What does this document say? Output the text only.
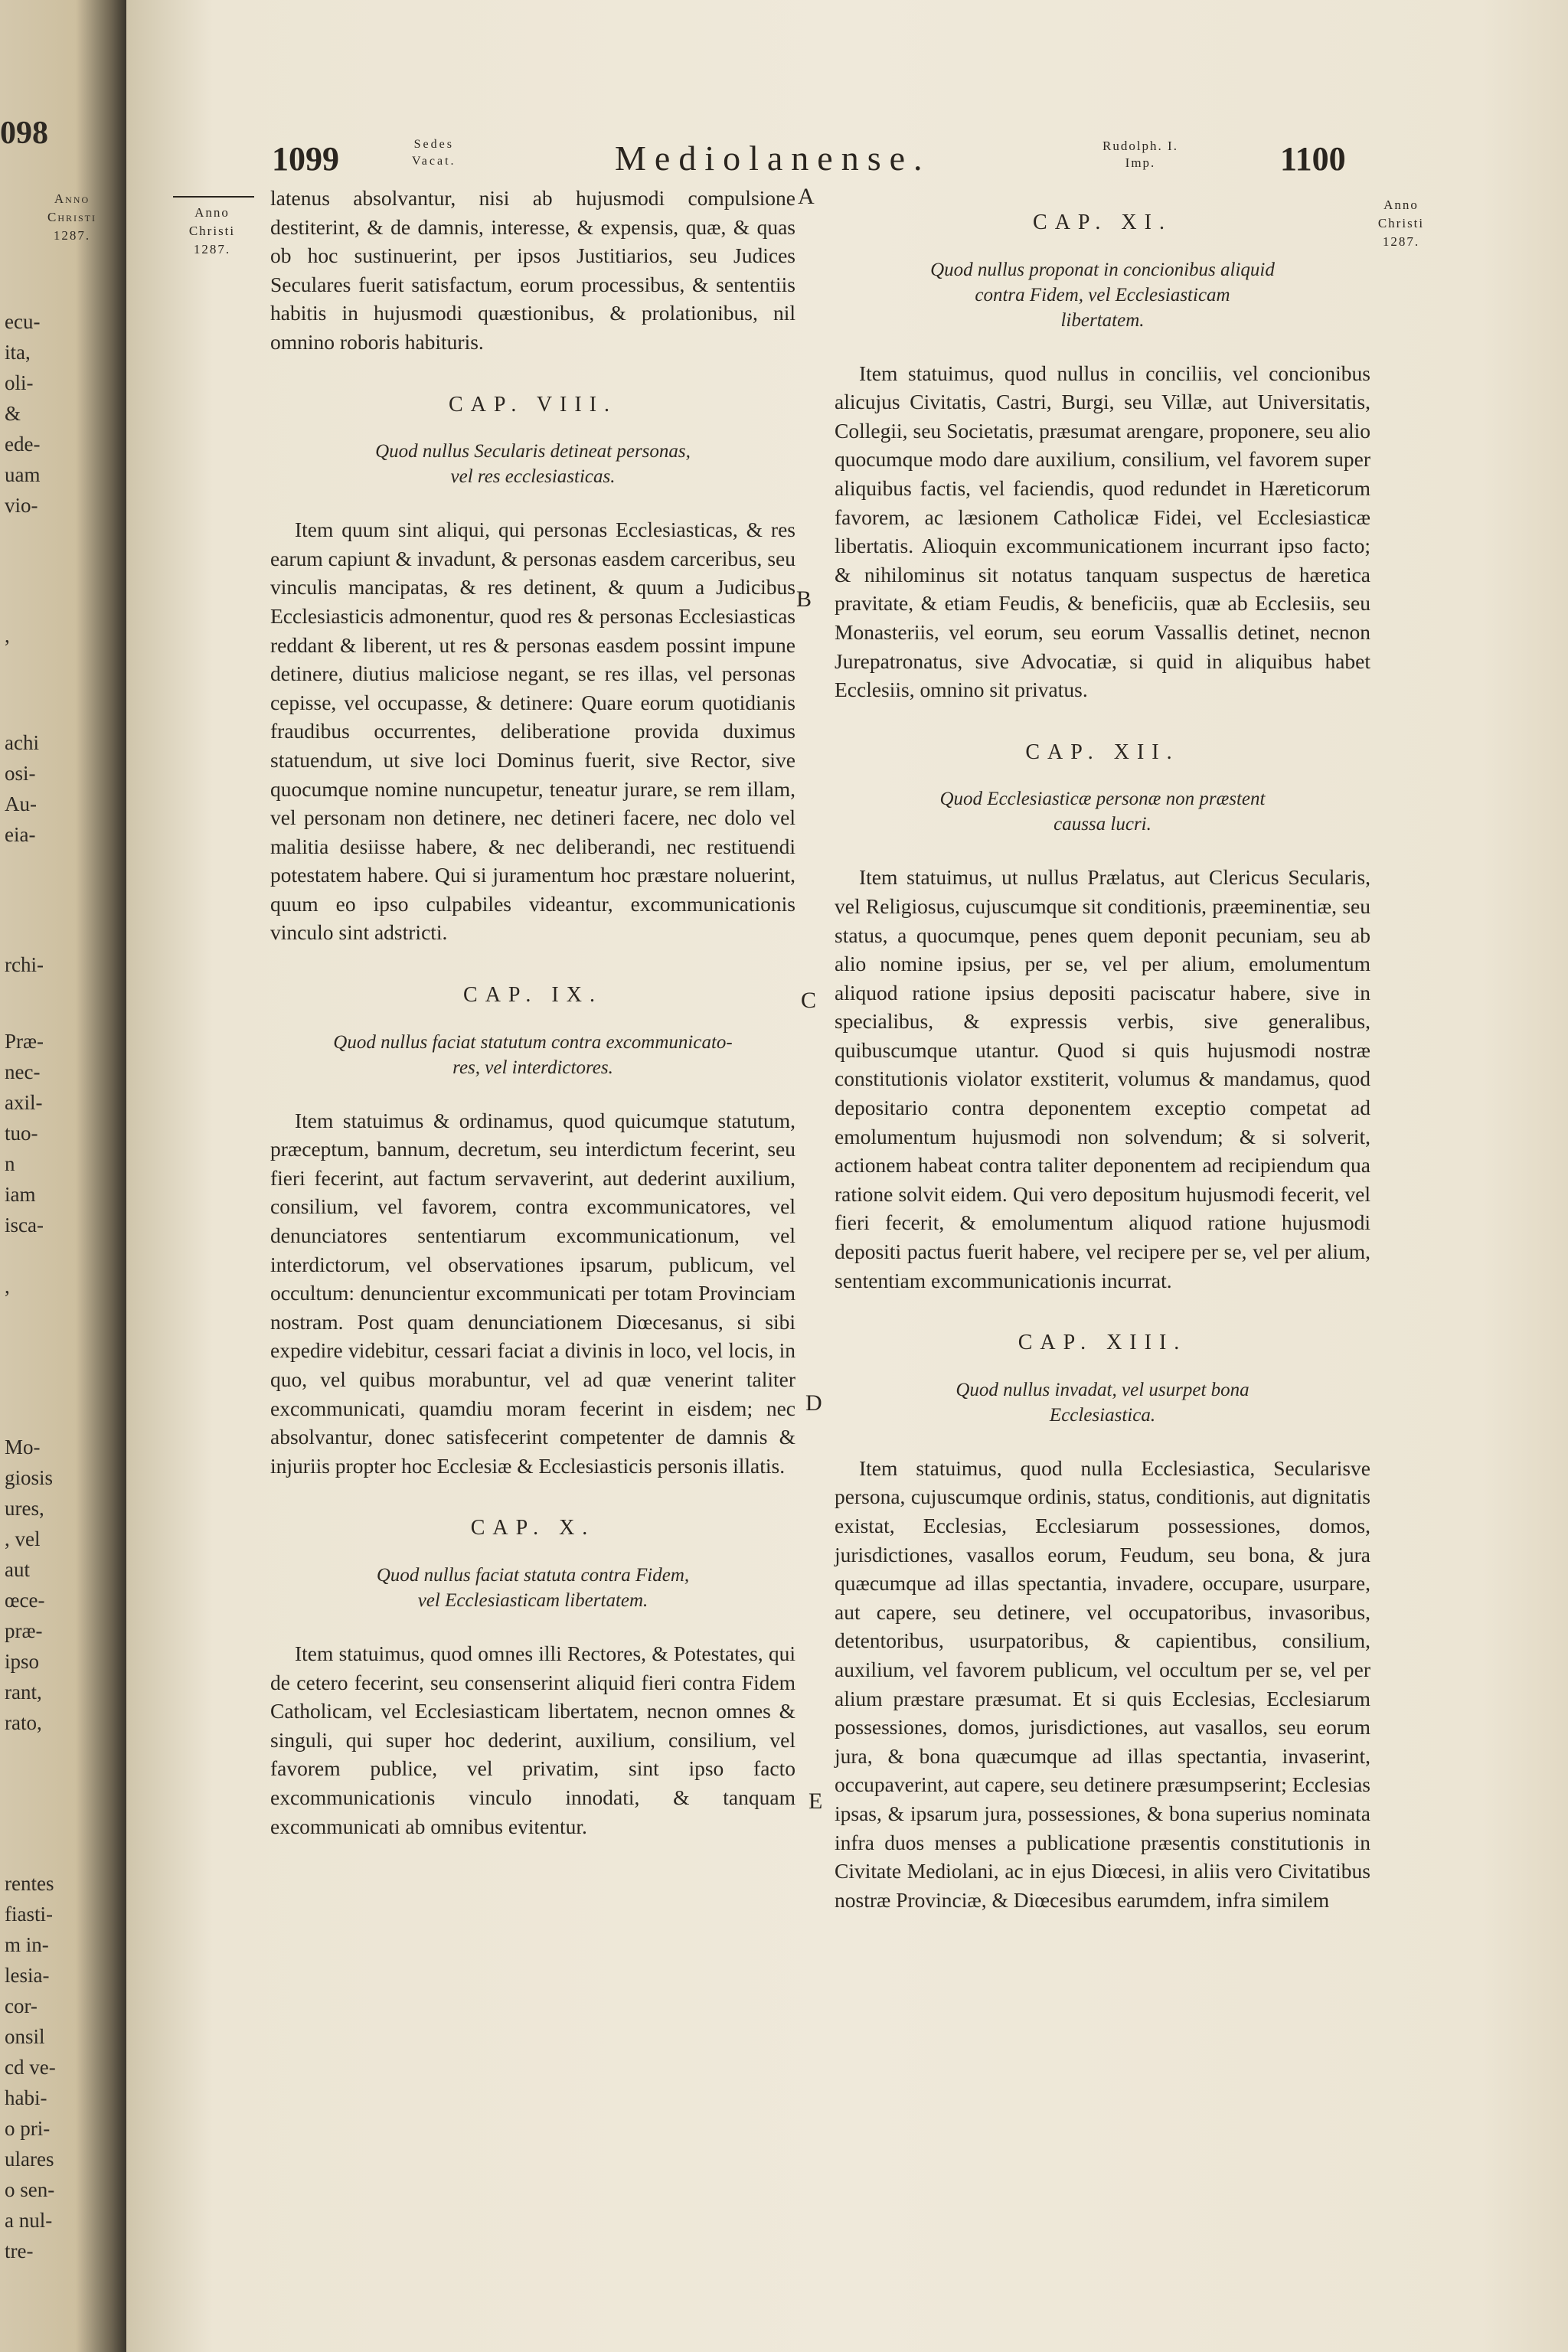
098
Anno
Christi
1287.
ecu-
ita,
oli-
&
ede-
uam
vio-
,
achi
osi-
Au-
eia-
rchi-
Præ-
nec-
axil-
tuo-
n
iam
isca-
,
Mo-
giosis
ures,
, vel
aut
œce-
præ-
ipso
rant,
rato,
rentes
fiasti-
m in-
lesia-
cor-
onsil
cd ve-
habi-
o pri-
ulares
o sen-
a nul-
tre-
1099	Sedes
Vacat.	Mediolanense.	Rudolph. I.
Imp.	1100
Anno
Christi
1287.
Anno
Christi
1287.
A
B
C
D
E

latenus absolvantur, nisi ab hujusmodi compulsione destiterint, & de damnis, interesse, & expensis, quæ, & quas ob hoc sustinuerint, per ipsos Justitiarios, seu Judices Seculares fuerit satisfactum, eorum processibus, & sententiis habitis in hujusmodi quæstionibus, & prolationibus, nil omnino roboris habituris.

CAP. VIII.
Quod nullus Secularis detineat personas,
vel res ecclesiasticas.

Item quum sint aliqui, qui personas Ecclesiasticas, & res earum capiunt & invadunt, & personas easdem carceribus, seu vinculis mancipatas, & res detinent, & quum a Judicibus Ecclesiasticis admonentur, quod res & personas Ecclesiasticas reddant & liberent, ut res & personas easdem possint impune detinere, diutius maliciose negant, se res illas, vel personas cepisse, vel occupasse, & detinere: Quare eorum quotidianis fraudibus occurrentes, deliberatione provida duximus statuendum, ut sive loci Dominus fuerit, sive Rector, sive quocumque nomine nuncupetur, teneatur jurare, se rem illam, vel personam non detinere, nec detineri facere, nec dolo vel malitia desiisse habere, & nec deliberandi, nec restituendi potestatem habere. Qui si juramentum hoc præstare noluerint, quum eo ipso culpabiles videantur, excommunicationis vinculo sint adstricti.

CAP. IX.
Quod nullus faciat statutum contra excommunicato-
res, vel interdictores.

Item statuimus & ordinamus, quod quicumque statutum, præceptum, bannum, decretum, seu interdictum fecerint, seu fieri fecerint, aut factum servaverint, aut dederint auxilium, consilium, vel favorem, contra excommunicatores, vel denunciatores sententiarum excommunicationum, vel interdictorum, vel observationes ipsarum, publicum, vel occultum: denuncientur excommunicati per totam Provinciam nostram. Post quam denunciationem Diœcesanus, si sibi expedire videbitur, cessari faciat a divinis in loco, vel locis, in quo, vel quibus morabuntur, vel ad quæ venerint taliter excommunicati, quamdiu moram fecerint in eisdem; nec absolvantur, donec satisfecerint competenter de damnis & injuriis propter hoc Ecclesiæ & Ecclesiasticis personis illatis.

CAP. X.
Quod nullus faciat statuta contra Fidem,
vel Ecclesiasticam libertatem.

Item statuimus, quod omnes illi Rectores, & Potestates, qui de cetero fecerint, seu consenserint aliquid fieri contra Fidem Catholicam, vel Ecclesiasticam libertatem, necnon omnes & singuli, qui super hoc dederint, auxilium, consilium, vel favorem publice, vel privatim, sint ipso facto excommunicationis vinculo innodati, & tanquam excommunicati ab omnibus evitentur.

CAP. XI.
Quod nullus proponat in concionibus aliquid
contra Fidem, vel Ecclesiasticam
libertatem.

Item statuimus, quod nullus in conciliis, vel concionibus alicujus Civitatis, Castri, Burgi, seu Villæ, aut Universitatis, Collegii, seu Societatis, præsumat arengare, proponere, seu alio quocumque modo dare auxilium, consilium, vel favorem super aliquibus factis, vel faciendis, quod redundet in Hæreticorum favorem, ac læsionem Catholicæ Fidei, vel Ecclesiasticæ libertatis. Alioquin excommunicationem incurrant ipso facto; & nihilominus sit notatus tanquam suspectus de hæretica pravitate, & etiam Feudis, & beneficiis, quæ ab Ecclesiis, seu Monasteriis, vel eorum, seu eorum Vassallis detinet, necnon Jurepatronatus, sive Advocatiæ, si quid in aliquibus habet Ecclesiis, omnino sit privatus.

CAP. XII.
Quod Ecclesiasticæ personæ non præstent
caussa lucri.

Item statuimus, ut nullus Prælatus, aut Clericus Secularis, vel Religiosus, cujuscumque sit conditionis, præeminentiæ, seu status, a quocumque, penes quem deponit pecuniam, seu ab alio nomine ipsius, per se, vel per alium, emolumentum aliquod ratione ipsius depositi paciscatur habere, sive in specialibus, & expressis verbis, sive generalibus, quibuscumque utantur. Quod si quis hujusmodi nostræ constitutionis violator exstiterit, volumus & mandamus, quod depositario contra deponentem exceptio competat ad emolumentum hujusmodi non solvendum; & si solverit, actionem habeat contra taliter deponentem ad recipiendum qua ratione solvit eidem. Qui vero depositum hujusmodi fecerit, vel fieri fecerit, & emolumentum aliquod ratione hujusmodi depositi pactus fuerit habere, vel recipere per se, vel per alium, sententiam excommunicationis incurrat.

CAP. XIII.
Quod nullus invadat, vel usurpet bona
Ecclesiastica.

Item statuimus, quod nulla Ecclesiastica, Secularisve persona, cujuscumque ordinis, status, conditionis, aut dignitatis existat, Ecclesias, Ecclesiarum possessiones, domos, jurisdictiones, vasallos eorum, Feudum, seu bona, & jura quæcumque ad illas spectantia, invadere, occupare, usurpare, aut capere, seu detinere, vel occupatoribus, invasoribus, detentoribus, usurpatoribus, & capientibus, consilium, auxilium, vel favorem publicum, vel occultum per se, vel per alium præstare præsumat. Et si quis Ecclesias, Ecclesiarum possessiones, domos, jurisdictiones, aut vasallos, seu eorum jura, & bona quæcumque ad illas spectantia, invaserint, occupaverint, aut capere, seu detinere præsumpserint; Ecclesias ipsas, & ipsarum jura, possessiones, & bona superius nominata infra duos menses a publicatione præsentis constitutionis in Civitate Mediolani, ac in ejus Diœcesi, in aliis vero Civitatibus nostræ Provinciæ, & Diœcesibus earumdem, infra similem
